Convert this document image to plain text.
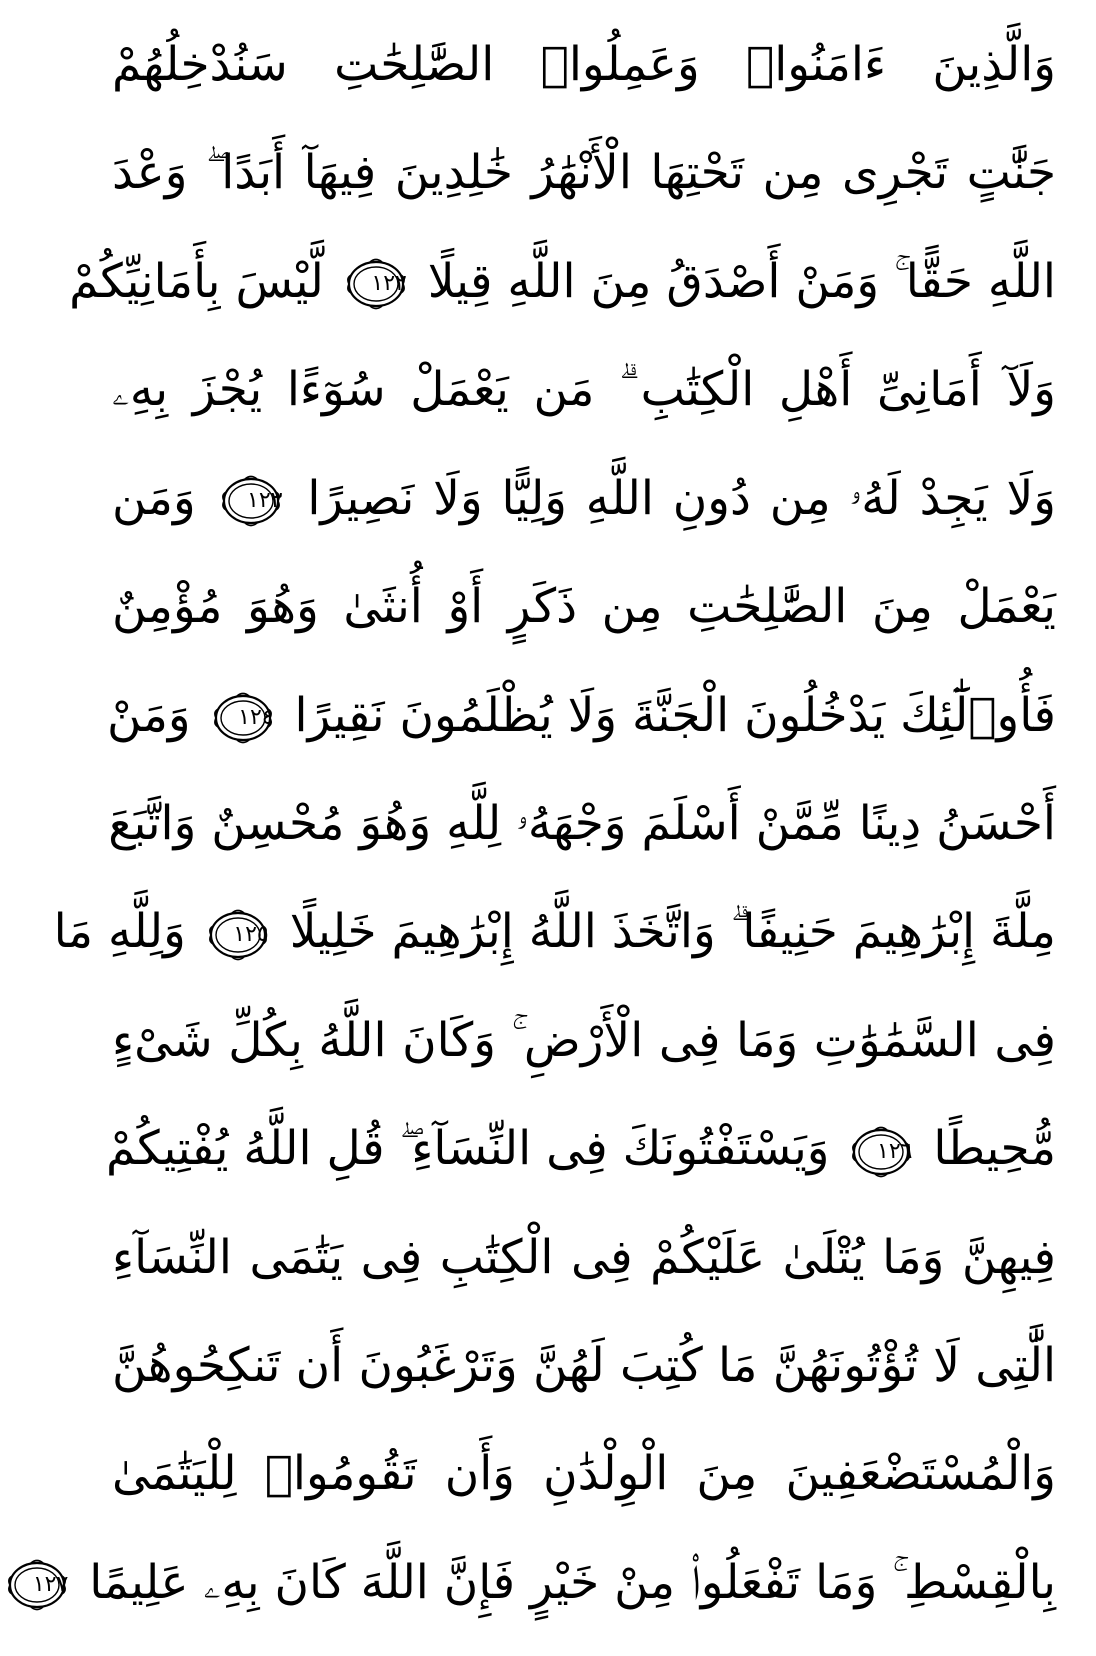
وَالَّذِينَ ءَامَنُوا۟ وَعَمِلُوا۟ الصَّٰلِحَٰتِ سَنُدْخِلُهُمْ
جَنَّٰتٍ تَجْرِى مِن تَحْتِهَا الْأَنْهَٰرُ خَٰلِدِينَ فِيهَآ أَبَدًا ۖ وَعْدَ
اللَّهِ حَقًّا ۚ وَمَنْ أَصْدَقُ مِنَ اللَّهِ قِيلًا
١٢٢ لَّيْسَ بِأَمَانِيِّكُمْ
وَلَآ أَمَانِىِّ أَهْلِ الْكِتَٰبِ ۗ مَن يَعْمَلْ سُوٓءًا يُجْزَ بِهِۦ
وَلَا يَجِدْ لَهُۥ مِن دُونِ اللَّهِ وَلِيًّا وَلَا نَصِيرًا
١٢٣ وَمَن
يَعْمَلْ مِنَ الصَّٰلِحَٰتِ مِن ذَكَرٍ أَوْ أُنثَىٰ وَهُوَ مُؤْمِنٌ
فَأُو۟لَٰٓئِكَ يَدْخُلُونَ الْجَنَّةَ وَلَا يُظْلَمُونَ نَقِيرًا
١٢٤ وَمَنْ
أَحْسَنُ دِينًا مِّمَّنْ أَسْلَمَ وَجْهَهُۥ لِلَّهِ وَهُوَ مُحْسِنٌ وَاتَّبَعَ
مِلَّةَ إِبْرَٰهِيمَ حَنِيفًا ۗ وَاتَّخَذَ اللَّهُ إِبْرَٰهِيمَ خَلِيلًا
١٢٥ وَلِلَّهِ مَا
فِى السَّمَٰوَٰتِ وَمَا فِى الْأَرْضِ ۚ وَكَانَ اللَّهُ بِكُلِّ شَىْءٍ
مُّحِيطًا
١٢٦ وَيَسْتَفْتُونَكَ فِى النِّسَآءِ ۖ قُلِ اللَّهُ يُفْتِيكُمْ
فِيهِنَّ وَمَا يُتْلَىٰ عَلَيْكُمْ فِى الْكِتَٰبِ فِى يَتَٰمَى النِّسَآءِ
الَّٰتِى لَا تُؤْتُونَهُنَّ مَا كُتِبَ لَهُنَّ وَتَرْغَبُونَ أَن تَنكِحُوهُنَّ
وَالْمُسْتَضْعَفِينَ مِنَ الْوِلْدَٰنِ وَأَن تَقُومُوا۟ لِلْيَتَٰمَىٰ
بِالْقِسْطِ ۚ وَمَا تَفْعَلُوا۟ مِنْ خَيْرٍ فَإِنَّ اللَّهَ كَانَ بِهِۦ عَلِيمًا
١٢٧
